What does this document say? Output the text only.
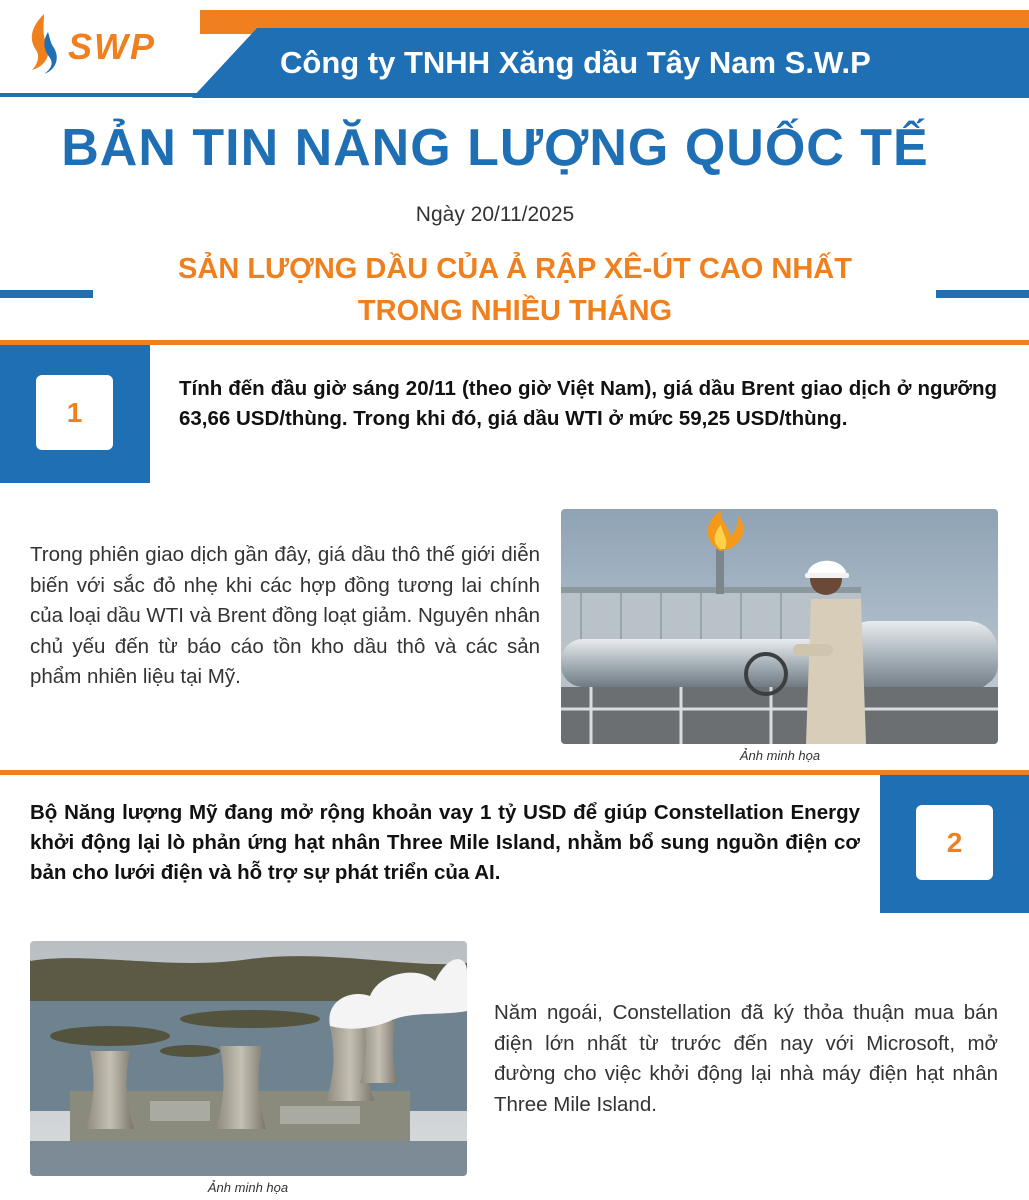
SWP	Công ty TNHH Xăng dầu Tây Nam S.W.P
BẢN TIN NĂNG LƯỢNG QUỐC TẾ
Ngày 20/11/2025
SẢN LƯỢNG DẦU CỦA Ả RẬP XÊ-ÚT CAO NHẤT
TRONG NHIỀU THÁNG
1
Tính đến đầu giờ sáng 20/11 (theo giờ Việt Nam), giá dầu Brent giao dịch ở ngưỡng 63,66 USD/thùng. Trong khi đó, giá dầu WTI ở mức 59,25 USD/thùng.
Trong phiên giao dịch gần đây, giá dầu thô thế giới diễn biến với sắc đỏ nhẹ khi các hợp đồng tương lai chính của loại dầu WTI và Brent đồng loạt giảm. Nguyên nhân chủ yếu đến từ báo cáo tồn kho dầu thô và các sản phẩm nhiên liệu tại Mỹ.
Ảnh minh họa
2
Bộ Năng lượng Mỹ đang mở rộng khoản vay 1 tỷ USD để giúp Constellation Energy khởi động lại lò phản ứng hạt nhân Three Mile Island, nhằm bổ sung nguồn điện cơ bản cho lưới điện và hỗ trợ sự phát triển của AI.
Ảnh minh họa
Năm ngoái, Constellation đã ký thỏa thuận mua bán điện lớn nhất từ trước đến nay với Microsoft, mở đường cho việc khởi động lại nhà máy điện hạt nhân Three Mile Island.
